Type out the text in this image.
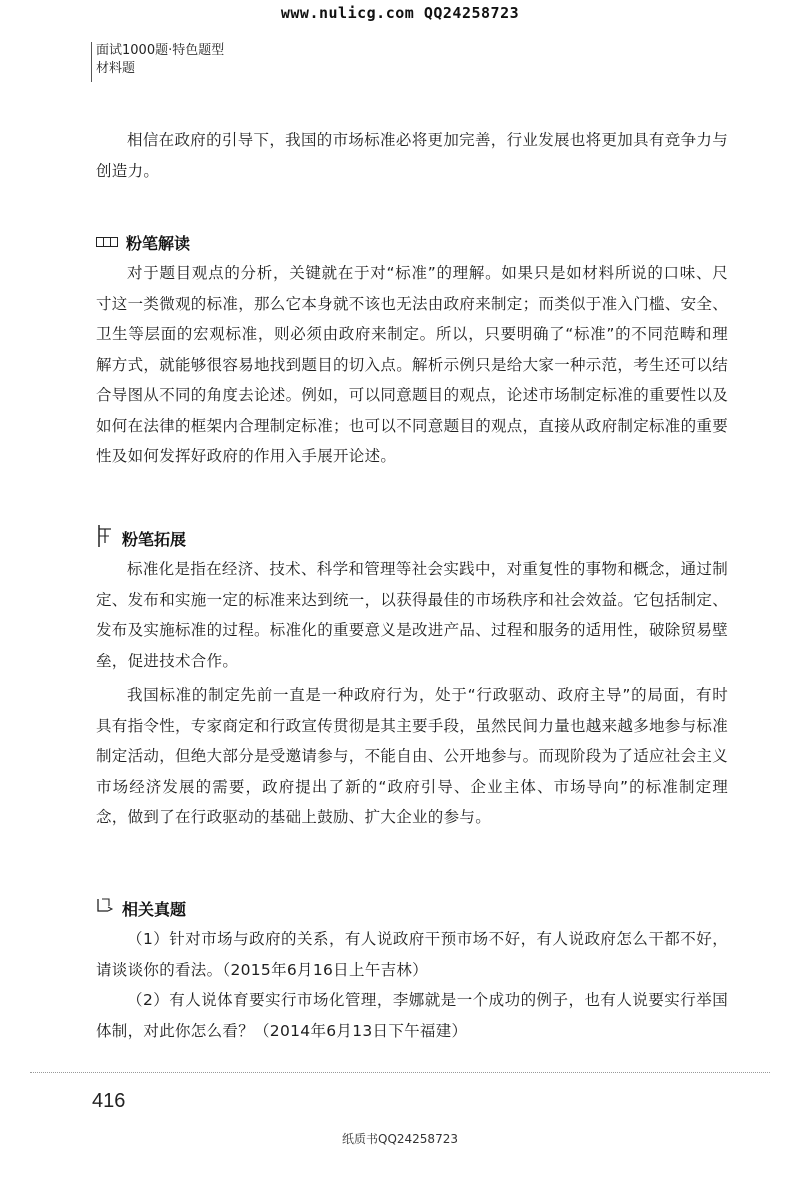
www.nulicg.com QQ24258723
面试1000题·特色题型
材料题

相信在政府的引导下，我国的市场标准必将更加完善，行业发展也将更加具有竞争力与创造力。

粉笔解读

对于题目观点的分析，关键就在于对“标准”的理解。如果只是如材料所说的口味、尺寸这一类微观的标准，那么它本身就不该也无法由政府来制定；而类似于准入门槛、安全、卫生等层面的宏观标准，则必须由政府来制定。所以，只要明确了“标准”的不同范畴和理解方式，就能够很容易地找到题目的切入点。解析示例只是给大家一种示范，考生还可以结合导图从不同的角度去论述。例如，可以同意题目的观点，论述市场制定标准的重要性以及如何在法律的框架内合理制定标准；也可以不同意题目的观点，直接从政府制定标准的重要性及如何发挥好政府的作用入手展开论述。

粉笔拓展

标准化是指在经济、技术、科学和管理等社会实践中，对重复性的事物和概念，通过制定、发布和实施一定的标准来达到统一，以获得最佳的市场秩序和社会效益。它包括制定、发布及实施标准的过程。标准化的重要意义是改进产品、过程和服务的适用性，破除贸易壁垒，促进技术合作。

我国标准的制定先前一直是一种政府行为，处于“行政驱动、政府主导”的局面，有时具有指令性，专家商定和行政宣传贯彻是其主要手段，虽然民间力量也越来越多地参与标准制定活动，但绝大部分是受邀请参与，不能自由、公开地参与。而现阶段为了适应社会主义市场经济发展的需要，政府提出了新的“政府引导、企业主体、市场导向”的标准制定理念，做到了在行政驱动的基础上鼓励、扩大企业的参与。

相关真题

（1）针对市场与政府的关系，有人说政府干预市场不好，有人说政府怎么干都不好，请谈谈你的看法。（2015年6月16日上午吉林）

（2）有人说体育要实行市场化管理，李娜就是一个成功的例子，也有人说要实行举国体制，对此你怎么看？（2014年6月13日下午福建）

416
纸质书QQ24258723
